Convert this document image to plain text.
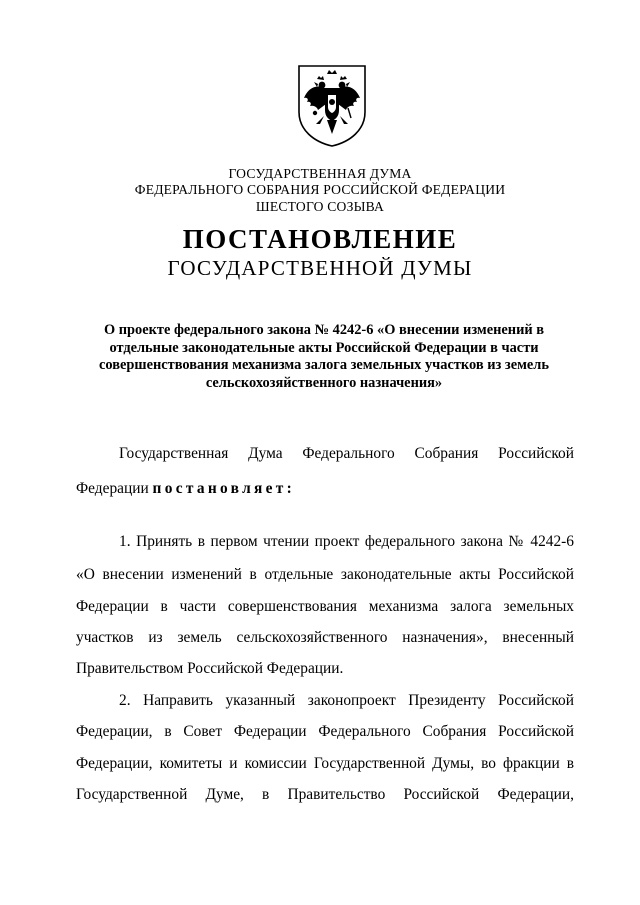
ГОСУДАРСТВЕННАЯ ДУМА
ФЕДЕРАЛЬНОГО СОБРАНИЯ РОССИЙСКОЙ ФЕДЕРАЦИИ
ШЕСТОГО СОЗЫВА
ПОСТАНОВЛЕНИЕ
ГОСУДАРСТВЕННОЙ ДУМЫ
О проекте федерального закона № 4242-6 «О внесении изменений в
отдельные законодательные акты Российской Федерации в части
совершенствования механизма залога земельных участков из земель
сельскохозяйственного назначения»
Государственная Дума Федерального Собрания Российской
Федерации постановляет:
1. Принять в первом чтении проект федерального закона № 4242-6
«О внесении изменений в отдельные законодательные акты Российской
Федерации в части совершенствования механизма залога земельных
участков из земель сельскохозяйственного назначения», внесенный
Правительством Российской Федерации.
2. Направить указанный законопроект Президенту Российской
Федерации, в Совет Федерации Федерального Собрания Российской
Федерации, комитеты и комиссии Государственной Думы, во фракции в
Государственной Думе, в Правительство Российской Федерации,
